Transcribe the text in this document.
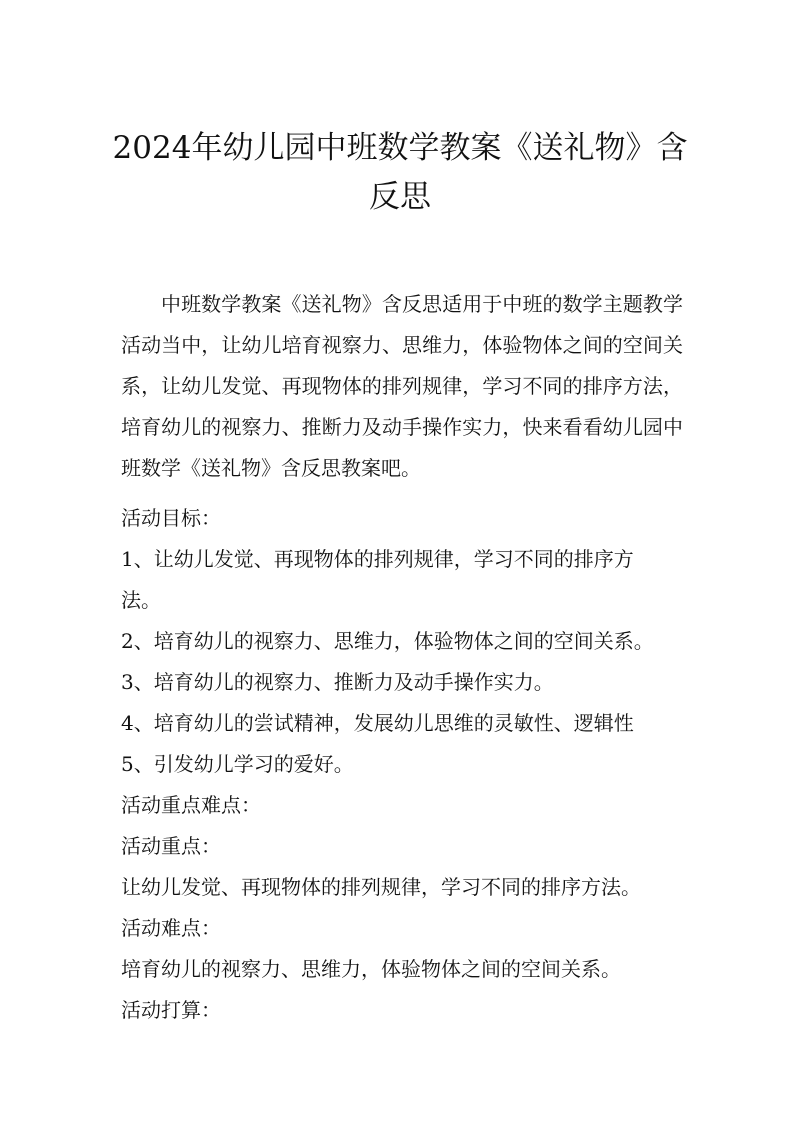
2024年幼儿园中班数学教案《送礼物》含反思

中班数学教案《送礼物》含反思适用于中班的数学主题教学活动当中，让幼儿培育视察力、思维力，体验物体之间的空间关系，让幼儿发觉、再现物体的排列规律，学习不同的排序方法，培育幼儿的视察力、推断力及动手操作实力，快来看看幼儿园中班数学《送礼物》含反思教案吧。

活动目标：

1、让幼儿发觉、再现物体的排列规律，学习不同的排序方

法。

2、培育幼儿的视察力、思维力，体验物体之间的空间关系。

3、培育幼儿的视察力、推断力及动手操作实力。

4、培育幼儿的尝试精神，发展幼儿思维的灵敏性、逻辑性

5、引发幼儿学习的爱好。

活动重点难点：

活动重点：

让幼儿发觉、再现物体的排列规律，学习不同的排序方法。

活动难点：

培育幼儿的视察力、思维力，体验物体之间的空间关系。

活动打算：
